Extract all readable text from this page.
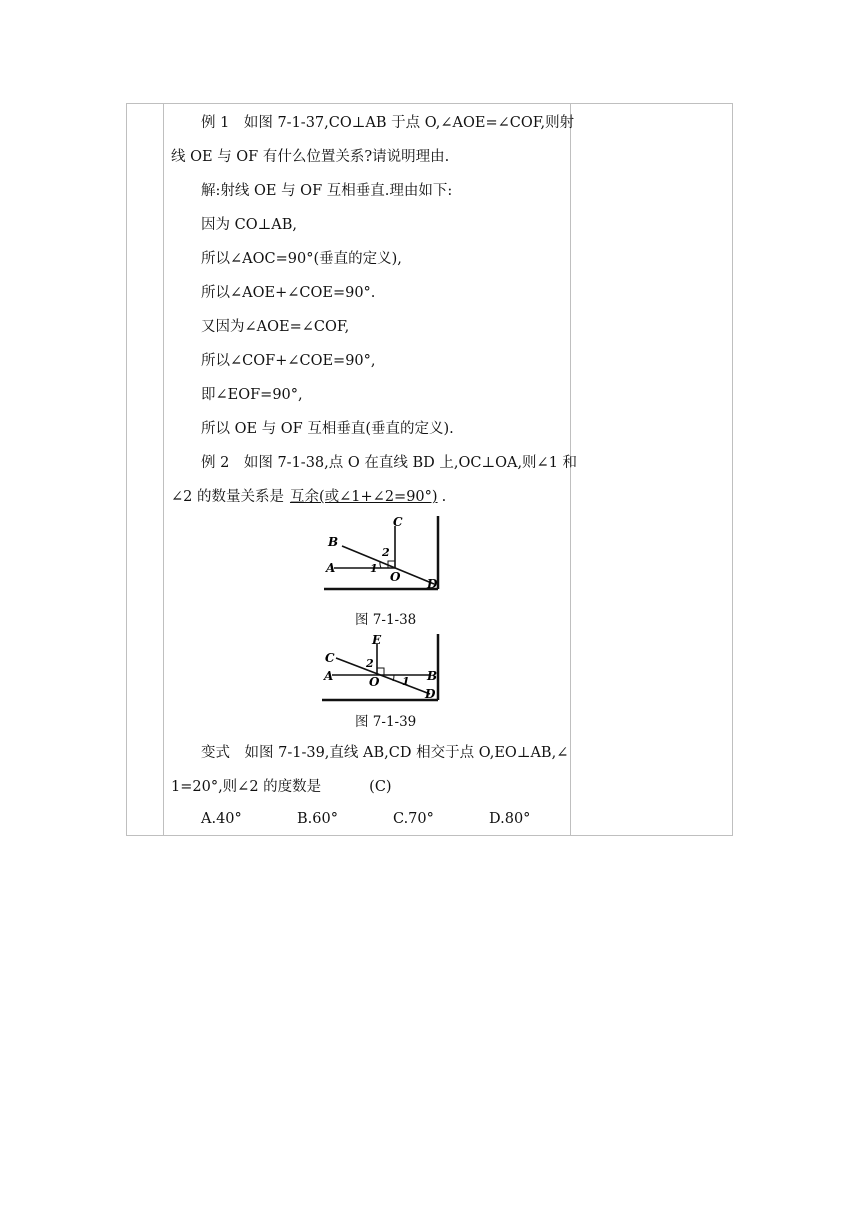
例 1　如图 7-1-37,CO⊥AB 于点 O,∠AOE=∠COF,则射
线 OE 与 OF 有什么位置关系?请说明理由.
解:射线 OE 与 OF 互相垂直.理由如下:
因为 CO⊥AB,
所以∠AOC=90°(垂直的定义),
所以∠AOE+∠COE=90°.
又因为∠AOE=∠COF,
所以∠COF+∠COE=90°,
即∠EOF=90°,
所以 OE 与 OF 互相垂直(垂直的定义).
例 2　如图 7-1-38,点 O 在直线 BD 上,OC⊥OA,则∠1 和
∠2 的数量关系是 互余(或∠1+∠2=90°) .
C
B
2
A	1
O D
图 7-1-38
E
C	2
A	O 1 B
D
图 7-1-39
变式　如图 7-1-39,直线 AB,CD 相交于点 O,EO⊥AB,∠
1=20°,则∠2 的度数是	(C)
A.40°	B.60°	C.70°	D.80°
